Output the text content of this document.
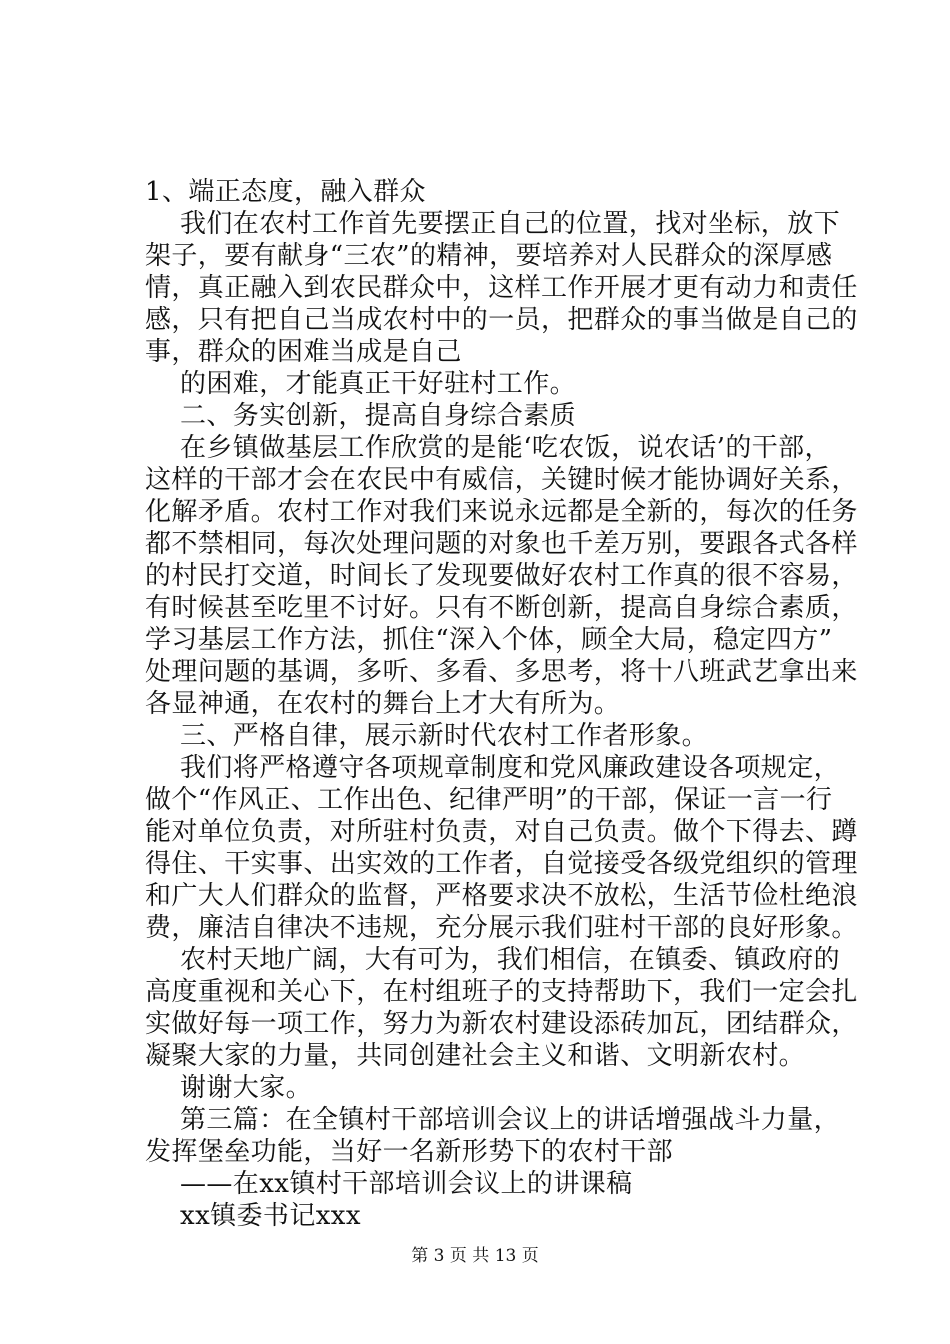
1、端正态度，融入群众
我们在农村工作首先要摆正自己的位置，找对坐标，放下
架子，要有献身“三农”的精神，要培养对人民群众的深厚感
情，真正融入到农民群众中，这样工作开展才更有动力和责任
感，只有把自己当成农村中的一员，把群众的事当做是自己的
事，群众的困难当成是自己
的困难，才能真正干好驻村工作。
二、务实创新，提高自身综合素质
在乡镇做基层工作欣赏的是能‘吃农饭，说农话’的干部，
这样的干部才会在农民中有威信，关键时候才能协调好关系，
化解矛盾。农村工作对我们来说永远都是全新的，每次的任务
都不禁相同，每次处理问题的对象也千差万别，要跟各式各样
的村民打交道，时间长了发现要做好农村工作真的很不容易，
有时候甚至吃里不讨好。只有不断创新，提高自身综合素质，
学习基层工作方法，抓住“深入个体，顾全大局，稳定四方”
处理问题的基调，多听、多看、多思考，将十八班武艺拿出来
各显神通，在农村的舞台上才大有所为。
三、严格自律，展示新时代农村工作者形象。
我们将严格遵守各项规章制度和党风廉政建设各项规定，
做个“作风正、工作出色、纪律严明”的干部，保证一言一行
能对单位负责，对所驻村负责，对自己负责。做个下得去、蹲
得住、干实事、出实效的工作者，自觉接受各级党组织的管理
和广大人们群众的监督，严格要求决不放松，生活节俭杜绝浪
费，廉洁自律决不违规，充分展示我们驻村干部的良好形象。
农村天地广阔，大有可为，我们相信，在镇委、镇政府的
高度重视和关心下，在村组班子的支持帮助下，我们一定会扎
实做好每一项工作，努力为新农村建设添砖加瓦，团结群众，
凝聚大家的力量，共同创建社会主义和谐、文明新农村。
谢谢大家。
第三篇：在全镇村干部培训会议上的讲话增强战斗力量，
发挥堡垒功能，当好一名新形势下的农村干部
——在xx镇村干部培训会议上的讲课稿
xx镇委书记xxx
第 3 页 共 13 页
